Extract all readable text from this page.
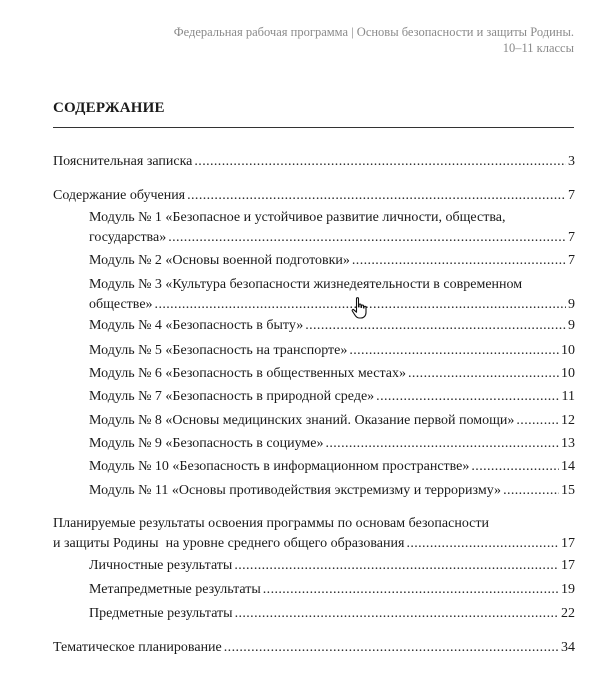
Федеральная рабочая программа | Основы безопасности и защиты Родины.
10–11 классы
СОДЕРЖАНИЕ
Пояснительная записка .....	3
Содержание обучения .....	7
Модуль № 1 «Безопасное и устойчивое развитие личности, общества,
государства» .....	7
Модуль № 2 «Основы военной подготовки» .....	7
Модуль № 3 «Культура безопасности жизнедеятельности в современном
обществе» .....	9
Модуль № 4 «Безопасность в быту» .....	9
Модуль № 5 «Безопасность на транспорте» .....	10
Модуль № 6 «Безопасность в общественных местах» .....	10
Модуль № 7 «Безопасность в природной среде» .....	11
Модуль № 8 «Основы медицинских знаний. Оказание первой помощи» .....	12
Модуль № 9 «Безопасность в социуме» .....	13
Модуль № 10 «Безопасность в информационном пространстве» .....	14
Модуль № 11 «Основы противодействия экстремизму и терроризму» .....	15
Планируемые результаты освоения программы по основам безопасности
и защиты Родины  на уровне среднего общего образования .....	17
Личностные результаты .....	17
Метапредметные результаты .....	19
Предметные результаты .....	22
Тематическое планирование .....	34
